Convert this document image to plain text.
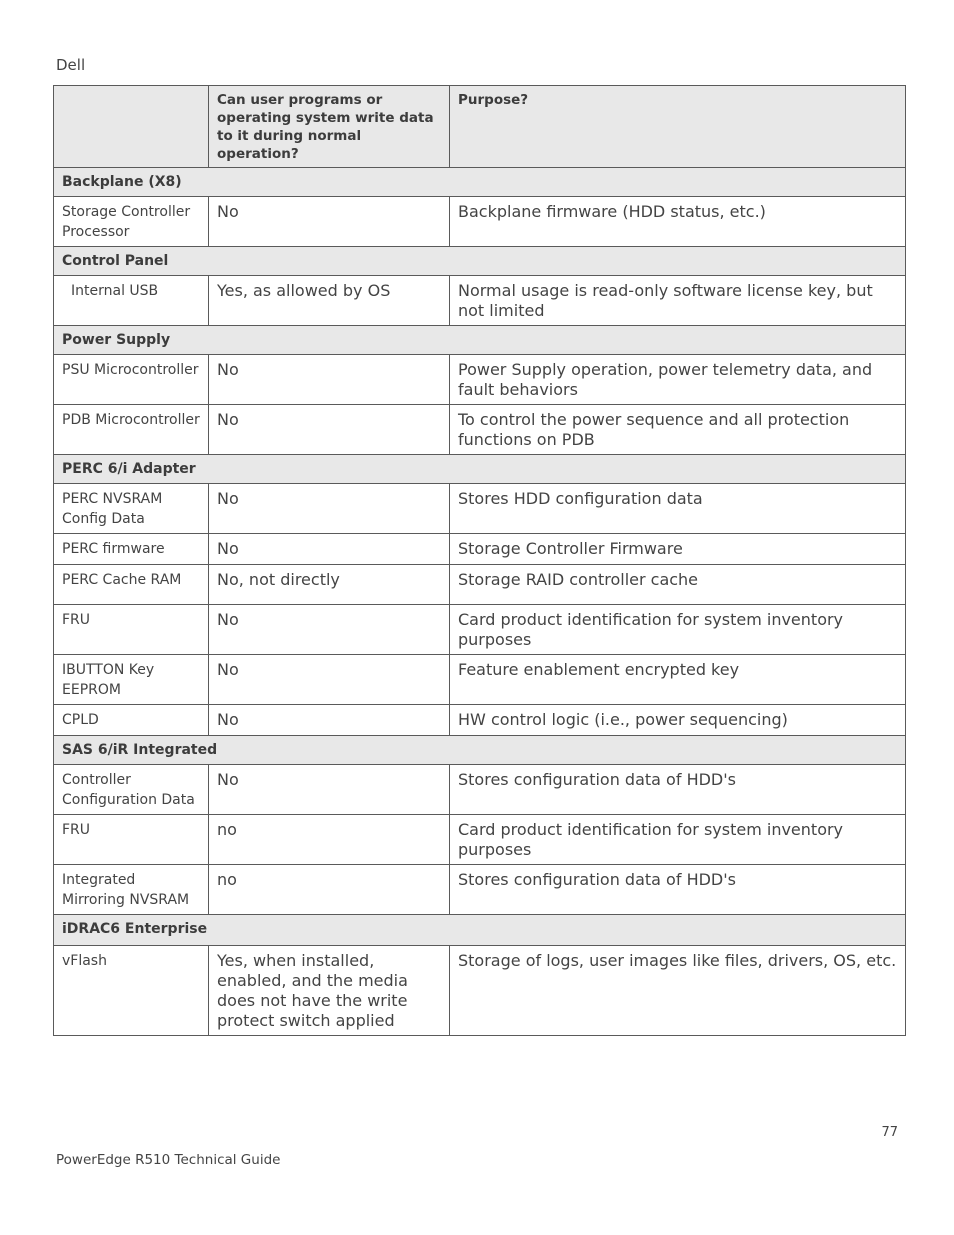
Dell
	Can user programs or operating system write data to it during normal operation?	Purpose?
Backplane (X8)		
Storage Controller Processor	No	Backplane firmware (HDD status, etc.)
Control Panel		
Internal USB	Yes, as allowed by OS	Normal usage is read-only software license key, but not limited
Power Supply		
PSU Microcontroller	No	Power Supply operation, power telemetry data, and fault behaviors
PDB Microcontroller	No	To control the power sequence and all protection functions on PDB
PERC 6/i Adapter		
PERC NVSRAM Config Data	No	Stores HDD configuration data
PERC firmware	No	Storage Controller Firmware
PERC Cache RAM	No, not directly	Storage RAID controller cache
FRU	No	Card product identification for system inventory purposes
IBUTTON Key EEPROM	No	Feature enablement encrypted key
CPLD	No	HW control logic (i.e., power sequencing)
SAS 6/iR Integrated		
Controller Configuration Data	No	Stores configuration data of HDD's
FRU	no	Card product identification for system inventory purposes
Integrated Mirroring NVSRAM	no	Stores configuration data of HDD's
iDRAC6 Enterprise		
vFlash	Yes, when installed, enabled, and the media does not have the write protect switch applied	Storage of logs, user images like files, drivers, OS, etc.
77
PowerEdge R510 Technical Guide
